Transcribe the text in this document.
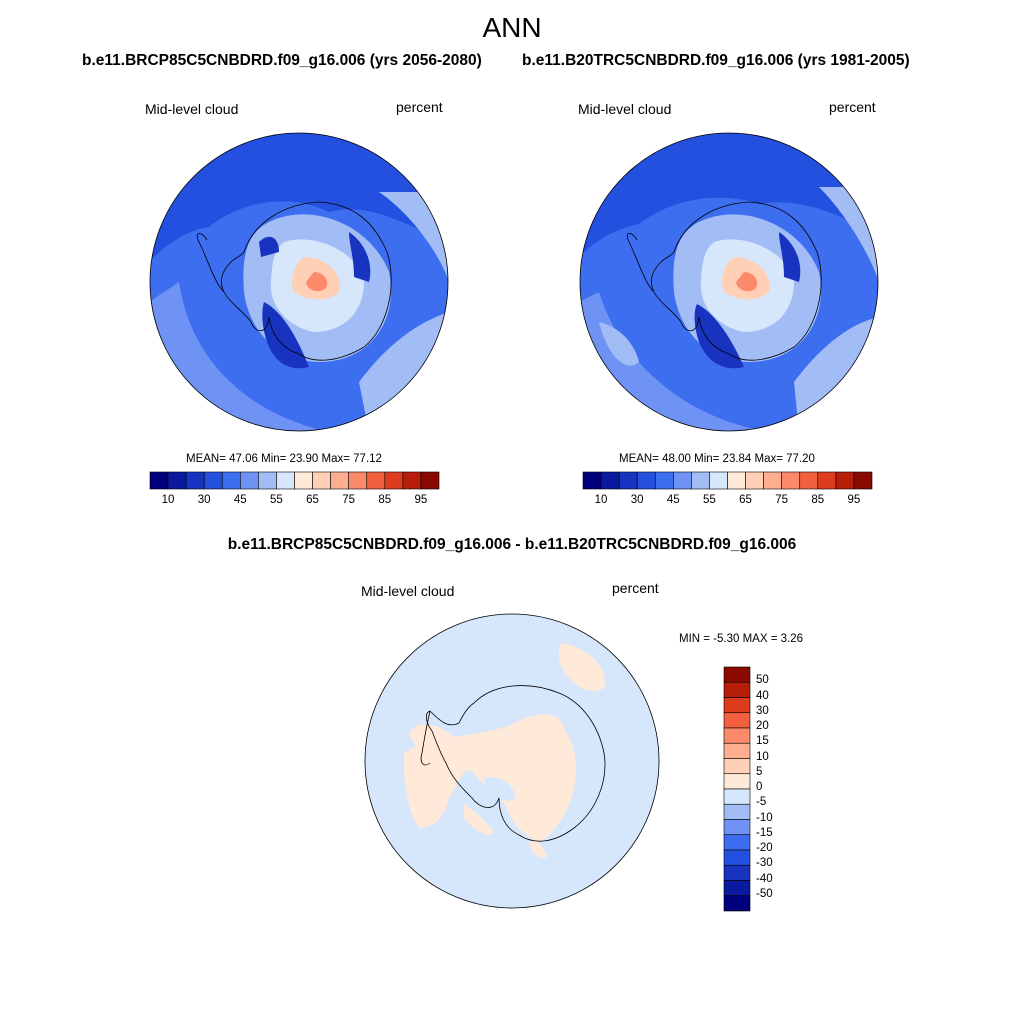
ANN
b.e11.BRCP85C5CNBDRD.f09_g16.006 (yrs 2056-2080)	b.e11.B20TRC5CNBDRD.f09_g16.006 (yrs 1981-2005)
Mid-level cloud	percent	Mid-level cloud	percent
MEAN= 47.06 Min= 23.90 Max= 77.12	MEAN= 48.00 Min= 23.84 Max= 77.20
10	30	45	55	65	75	85	95	10	30	45	55	65	75	85	95
b.e11.BRCP85C5CNBDRD.f09_g16.006 - b.e11.B20TRC5CNBDRD.f09_g16.006
Mid-level cloud	percent
MIN = -5.30 MAX = 3.26
50
40
30
20
15
10
5
0
-5
-10
-15
-20
-30
-40
-50
